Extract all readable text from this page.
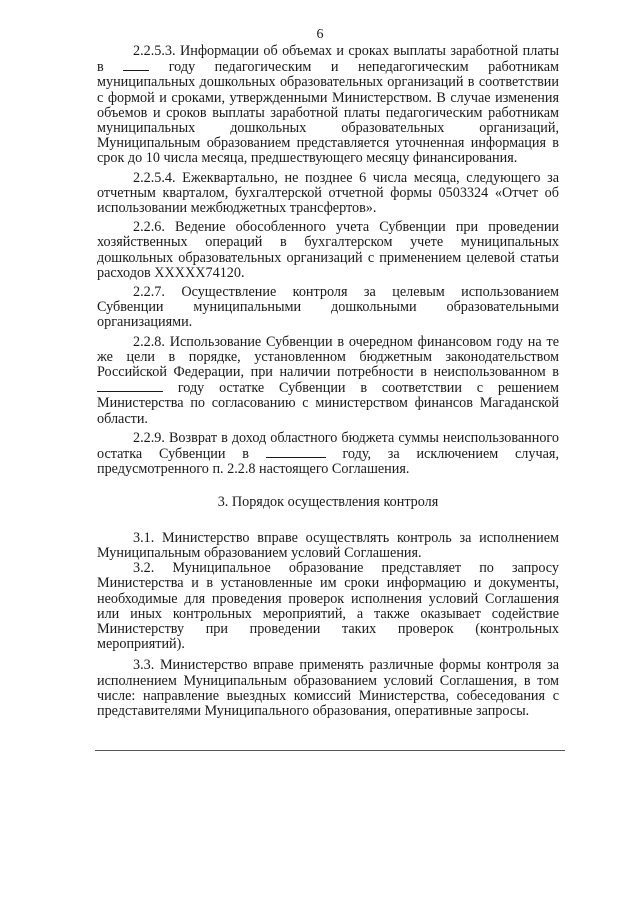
6

2.2.5.3. Информации об объемах и сроках выплаты заработной платы в  году педагогическим и непедагогическим работникам муниципальных дошкольных образовательных организаций в соответствии с формой и сроками, утвержденными Министерством. В случае изменения объемов и сроков выплаты заработной платы педагогическим работникам муниципальных дошкольных образовательных организаций, Муниципальным образованием представляется уточненная информация в срок до 10 числа месяца, предшествующего месяцу финансирования.

2.2.5.4. Ежеквартально, не позднее 6 числа месяца, следующего за отчетным кварталом, бухгалтерской отчетной формы 0503324 «Отчет об использовании межбюджетных трансфертов».

2.2.6. Ведение обособленного учета Субвенции при проведении хозяйственных операций в бухгалтерском учете муниципальных дошкольных образовательных организаций с применением целевой статьи расходов XXXXX74120.

2.2.7. Осуществление контроля за целевым использованием Субвенции муниципальными дошкольными образовательными организациями.

2.2.8. Использование Субвенции в очередном финансовом году на те же цели в порядке, установленном бюджетным законодательством Российской Федерации, при наличии потребности в неиспользованном в  году остатке Субвенции в соответствии с решением Министерства по согласованию с министерством финансов Магаданской области.

2.2.9. Возврат в доход областного бюджета суммы неиспользованного остатка Субвенции в	году, за исключением случая, предусмотренного п. 2.2.8 настоящего Соглашения.

3. Порядок осуществления контроля

3.1. Министерство вправе осуществлять контроль за исполнением Муниципальным образованием условий Соглашения.

3.2. Муниципальное образование представляет по запросу Министерства и в установленные им сроки информацию и документы, необходимые для проведения проверок исполнения условий Соглашения или иных контрольных мероприятий, а также оказывает содействие Министерству при проведении таких проверок (контрольных мероприятий).

3.3. Министерство вправе применять различные формы контроля за исполнением Муниципальным образованием условий Соглашения, в том числе: направление выездных комиссий Министерства, собеседования с представителями Муниципального образования, оперативные запросы.
